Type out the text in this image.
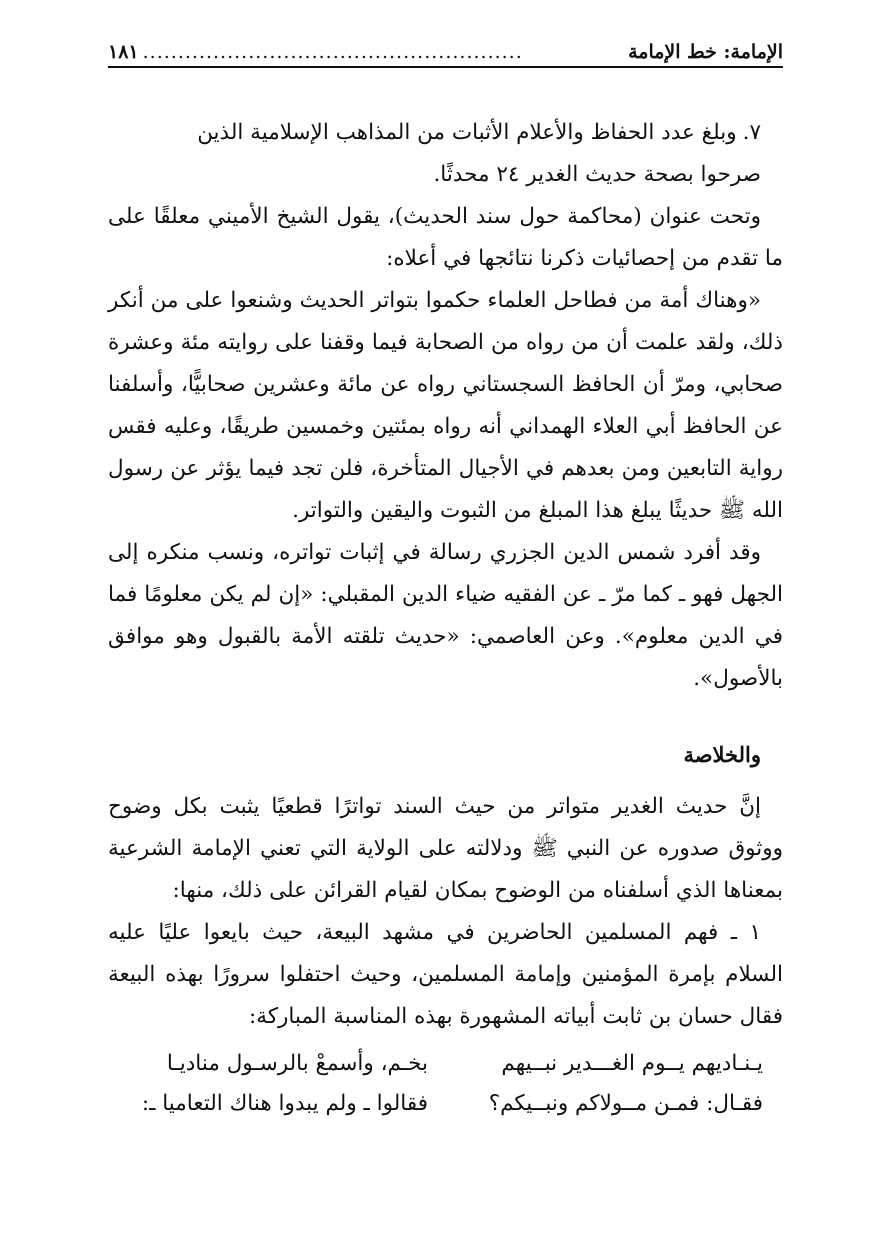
الإمامة: خط الإمامة
......................................................
١٨١

٧.وبلغ عدد الحفاظ والأعلام الأثبات من المذاهب الإسلامية الذين

صرحوا بصحة حديث الغدير ٢٤ محدثًا.

وتحت عنوان (محاكمة حول سند الحديث)، يقول الشيخ الأميني معلقًا على ما تقدم من إحصائيات ذكرنا نتائجها في أعلاه:

«وهناك أمة من فطاحل العلماء حكموا بتواتر الحديث وشنعوا على من أنكر ذلك، ولقد علمت أن من رواه من الصحابة فيما وقفنا على روايته مئة وعشرة صحابي، ومرّ أن الحافظ السجستاني رواه عن مائة وعشرين صحابيًّا، وأسلفنا عن الحافظ أبي العلاء الهمداني أنه رواه بمئتين وخمسين طريقًا، وعليه فقس رواية التابعين ومن بعدهم في الأجيال المتأخرة، فلن تجد فيما يؤثر عن رسول الله ﷺ حديثًا يبلغ هذا المبلغ من الثبوت واليقين والتواتر.

وقد أفرد شمس الدين الجزري رسالة في إثبات تواتره، ونسب منكره إلى الجهل فهو ـ كما مرّ ـ عن الفقيه ضياء الدين المقبلي: «إن لم يكن معلومًا فما في الدين معلوم». وعن العاصمي: «حديث تلقته الأمة بالقبول وهو موافق بالأصول».

والخلاصة

إنَّ حديث الغدير متواتر من حيث السند تواترًا قطعيًا يثبت بكل وضوح ووثوق صدوره عن النبي ﷺ ودلالته على الولاية التي تعني الإمامة الشرعية بمعناها الذي أسلفناه من الوضوح بمكان لقيام القرائن على ذلك، منها:

١ ـ فهم المسلمين الحاضرين في مشهد البيعة، حيث بايعوا عليًا عليه السلام بإمرة المؤمنين وإمامة المسلمين، وحيث احتفلوا سرورًا بهذه البيعة فقال حسان بن ثابت أبياته المشهورة بهذه المناسبة المباركة:

يـنـاديهم يــوم الغـــدير نبــيهم
بخـم، وأسمعْ بالرسـول مناديـا
فقـال: فمـن مــولاكم ونبــيكم؟
فقالوا ـ ولم يبدوا هناك التعاميا ـ:
